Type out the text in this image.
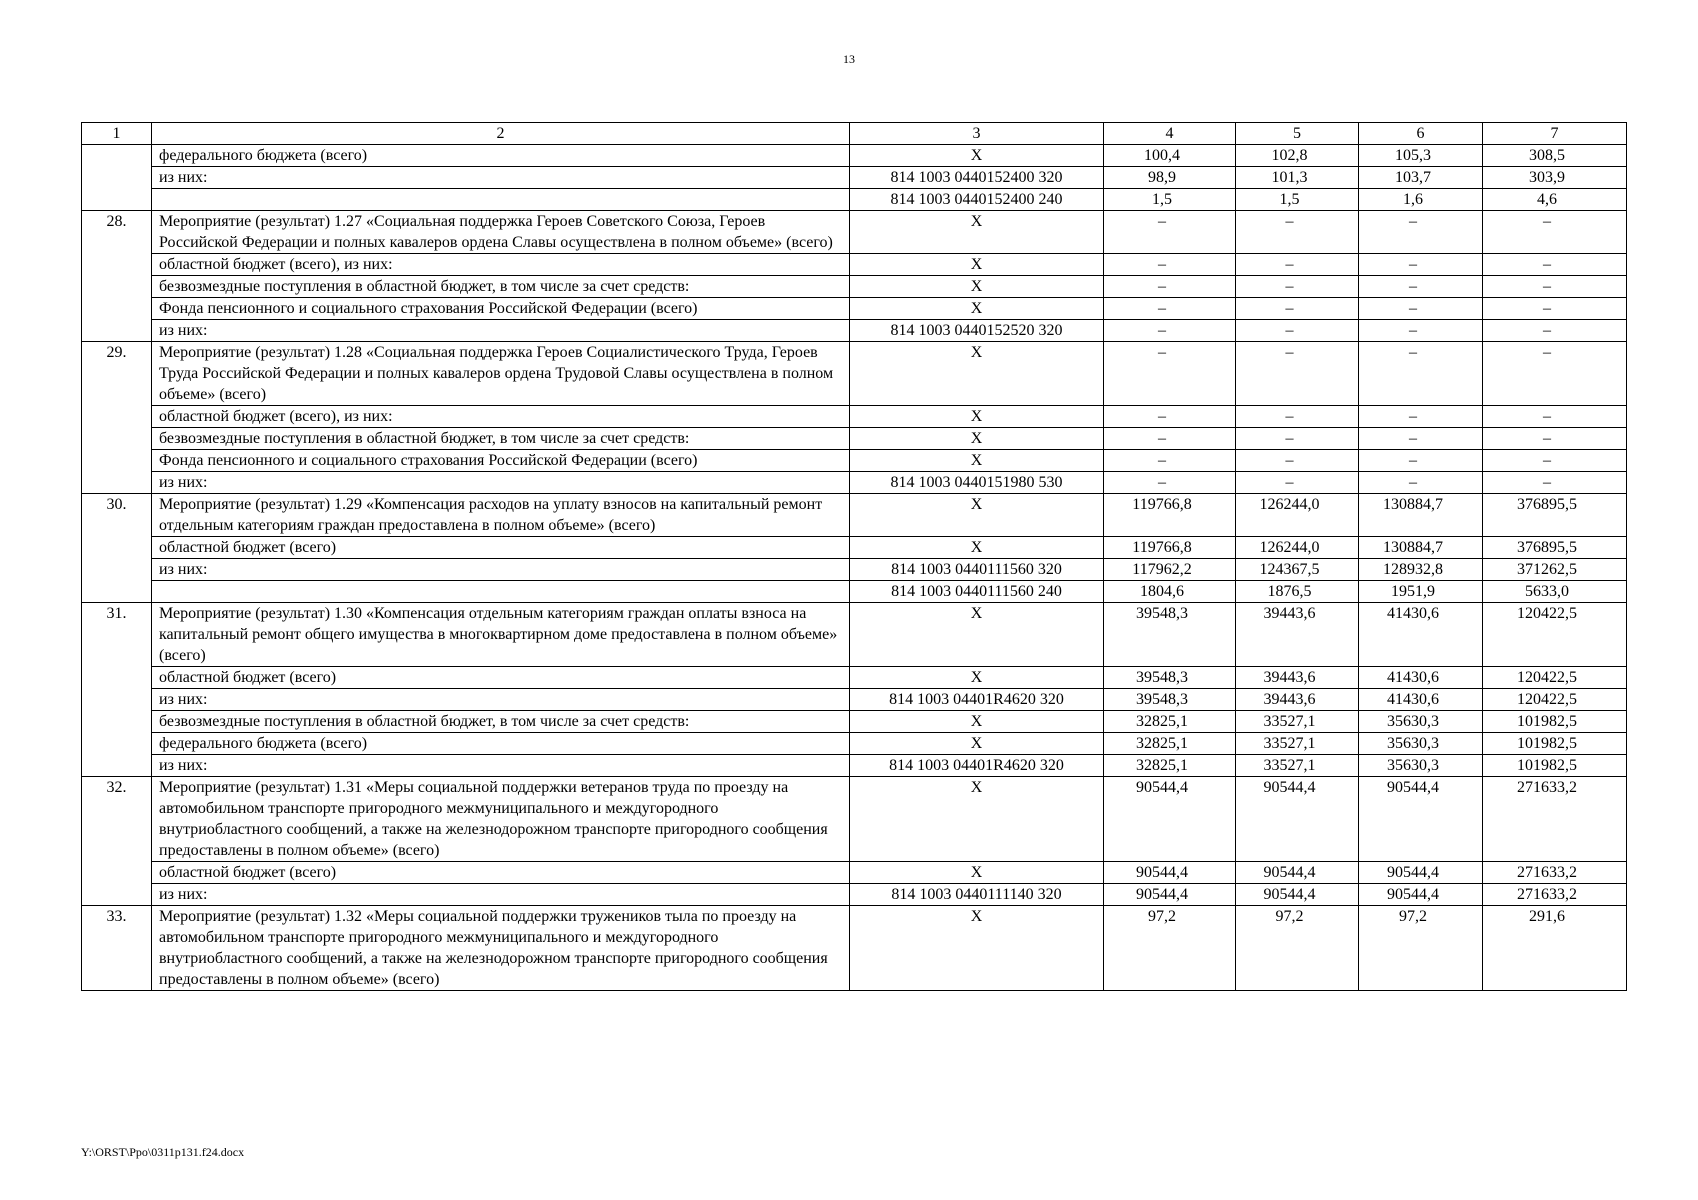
13
1	2	3	4	5	6	7
	федерального бюджета (всего)	Х	100,4	102,8	105,3	308,5
	из них:	814 1003 0440152400 320	98,9	101,3	103,7	303,9
		814 1003 0440152400 240	1,5	1,5	1,6	4,6
28.	Мероприятие (результат) 1.27 «Социальная поддержка Героев Советского Союза, Героев Российской Федерации и полных кавалеров ордена Славы осуществлена в полном объеме» (всего)	Х	–	–	–	–
	областной бюджет (всего), из них:	Х	–	–	–	–
	безвозмездные поступления в областной бюджет, в том числе за счет средств:	Х	–	–	–	–
	Фонда пенсионного и социального страхования Российской Федерации (всего)	Х	–	–	–	–
	из них:	814 1003 0440152520 320	–	–	–	–
29.	Мероприятие (результат) 1.28 «Социальная поддержка Героев Социалистического Труда, Героев Труда Российской Федерации и полных кавалеров ордена Трудовой Славы осуществлена в полном объеме» (всего)	Х	–	–	–	–
	областной бюджет (всего), из них:	Х	–	–	–	–
	безвозмездные поступления в областной бюджет, в том числе за счет средств:	Х	–	–	–	–
	Фонда пенсионного и социального страхования Российской Федерации (всего)	Х	–	–	–	–
	из них:	814 1003 0440151980 530	–	–	–	–
30.	Мероприятие (результат) 1.29 «Компенсация расходов на уплату взносов на капитальный ремонт отдельным категориям граждан предоставлена в полном объеме» (всего)	Х	119766,8	126244,0	130884,7	376895,5
	областной бюджет (всего)	Х	119766,8	126244,0	130884,7	376895,5
	из них:	814 1003 0440111560 320	117962,2	124367,5	128932,8	371262,5
		814 1003 0440111560 240	1804,6	1876,5	1951,9	5633,0
31.	Мероприятие (результат) 1.30 «Компенсация отдельным категориям граждан оплаты взноса на капитальный ремонт общего имущества в многоквартирном доме предоставлена в полном объеме» (всего)	Х	39548,3	39443,6	41430,6	120422,5
	областной бюджет (всего)	Х	39548,3	39443,6	41430,6	120422,5
	из них:	814 1003 04401R4620 320	39548,3	39443,6	41430,6	120422,5
	безвозмездные поступления в областной бюджет, в том числе за счет средств:	Х	32825,1	33527,1	35630,3	101982,5
	федерального бюджета (всего)	Х	32825,1	33527,1	35630,3	101982,5
	из них:	814 1003 04401R4620 320	32825,1	33527,1	35630,3	101982,5
32.	Мероприятие (результат) 1.31 «Меры социальной поддержки ветеранов труда по проезду на автомобильном транспорте пригородного межмуниципального и междугородного внутриобластного сообщений, а также на железнодорожном транспорте пригородного сообщения предоставлены в полном объеме» (всего)	Х	90544,4	90544,4	90544,4	271633,2
	областной бюджет (всего)	Х	90544,4	90544,4	90544,4	271633,2
	из них:	814 1003 0440111140 320	90544,4	90544,4	90544,4	271633,2
33.	Мероприятие (результат) 1.32 «Меры социальной поддержки тружеников тыла по проезду на автомобильном транспорте пригородного межмуниципального и междугородного внутриобластного сообщений, а также на железнодорожном транспорте пригородного сообщения предоставлены в полном объеме» (всего)	Х	97,2	97,2	97,2	291,6
Y:\ORST\Ppo\0311p131.f24.docx
